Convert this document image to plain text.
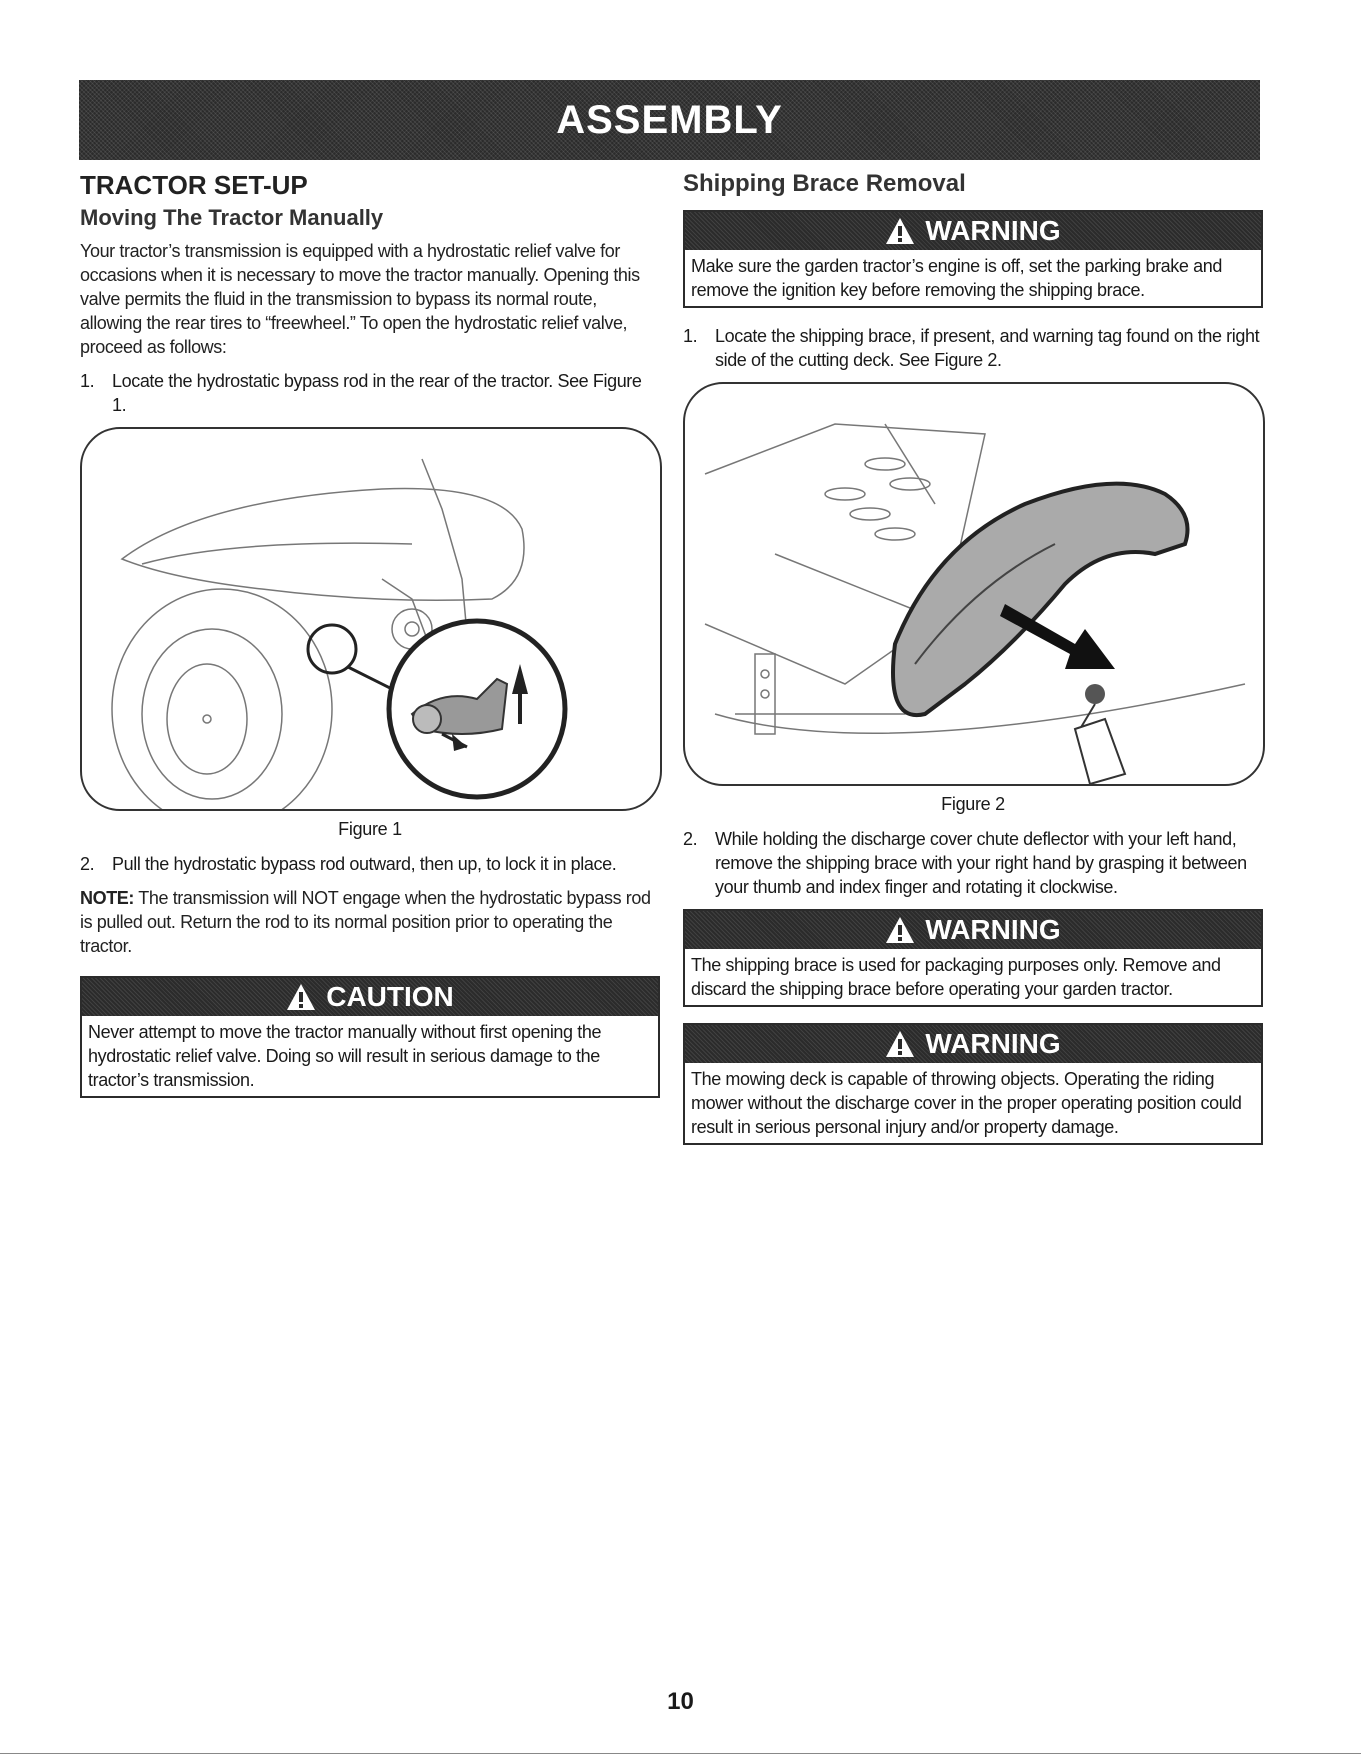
ASSEMBLY
TRACTOR SET-UP
Moving The Tractor Manually

Your tractor’s transmission is equipped with a hydrostatic relief valve for occasions when it is necessary to move the tractor manually. Opening this valve permits the fluid in the transmission to bypass its normal route, allowing the rear tires to “freewheel.” To open the hydrostatic relief valve, proceed as follows:

1. Locate the hydrostatic bypass rod in the rear of the tractor. See Figure 1.
Figure 1
2. Pull the hydrostatic bypass rod outward, then up, to lock it in place.

NOTE: The transmission will NOT engage when the hydrostatic bypass rod is pulled out. Return the rod to its normal position prior to operating the tractor.

CAUTION
Never attempt to move the tractor manually without first opening the hydrostatic relief valve. Doing so will result in serious damage to the tractor’s transmission.
Shipping Brace Removal
WARNING
Make sure the garden tractor’s engine is off, set the parking brake and remove the ignition key before removing the shipping brace.
1. Locate the shipping brace, if present, and warning tag found on the right side of the cutting deck. See Figure 2.
Figure 2
2. While holding the discharge cover chute deflector with your left hand, remove the shipping brace with your right hand by grasping it between your thumb and index finger and rotating it clockwise.
WARNING
The shipping brace is used for packaging purposes only. Remove and discard the shipping brace before operating your garden tractor.
WARNING
The mowing deck is capable of throwing objects. Operating the riding mower without the discharge cover in the proper operating position could result in serious personal injury and/or property damage.
10
